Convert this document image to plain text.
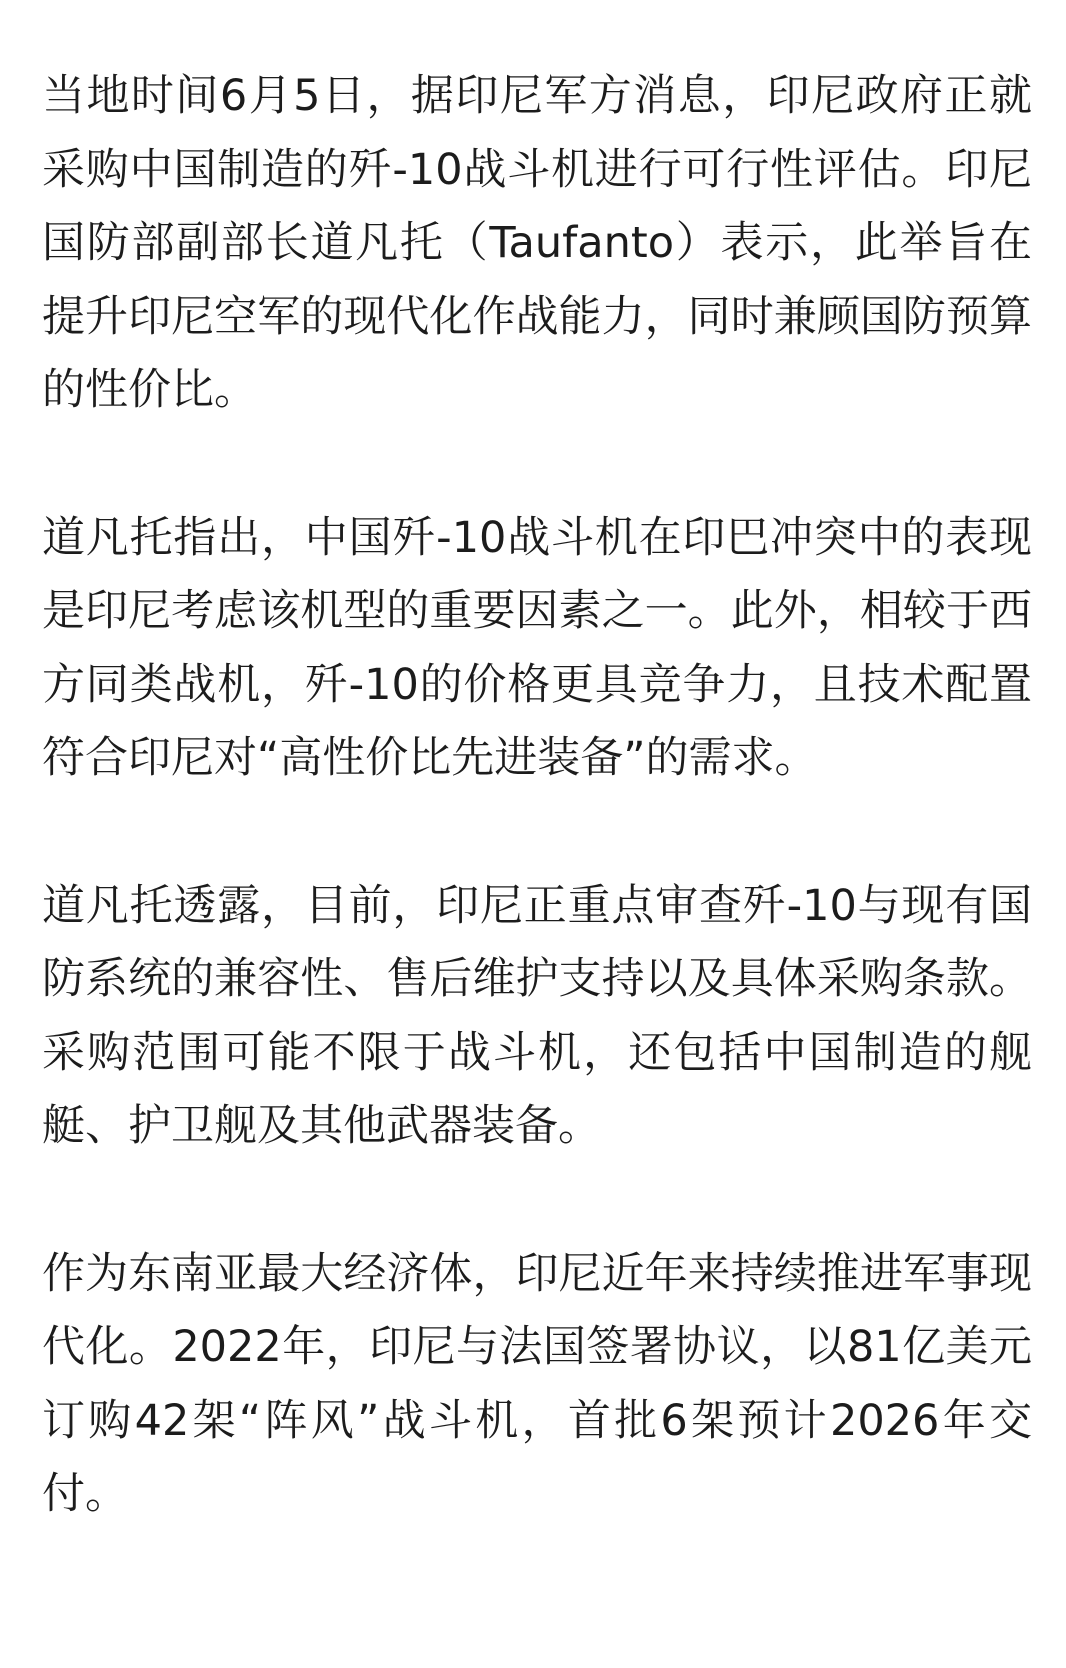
当地时间6月5日，据印尼军方消息，印尼政府正就采购中国制造的歼-10战斗机进行可行性评估。印尼国防部副部长道凡托（Taufanto）表示，此举旨在提升印尼空军的现代化作战能力，同时兼顾国防预算的性价比。

道凡托指出，中国歼-10战斗机在印巴冲突中的表现是印尼考虑该机型的重要因素之一。此外，相较于西方同类战机，歼-10的价格更具竞争力，且技术配置符合印尼对“高性价比先进装备”的需求。

道凡托透露，目前，印尼正重点审查歼-10与现有国防系统的兼容性、售后维护支持以及具体采购条款。采购范围可能不限于战斗机，还包括中国制造的舰艇、护卫舰及其他武器装备。

作为东南亚最大经济体，印尼近年来持续推进军事现代化。2022年，印尼与法国签署协议，以81亿美元订购42架“阵风”战斗机，首批6架预计2026年交付。
